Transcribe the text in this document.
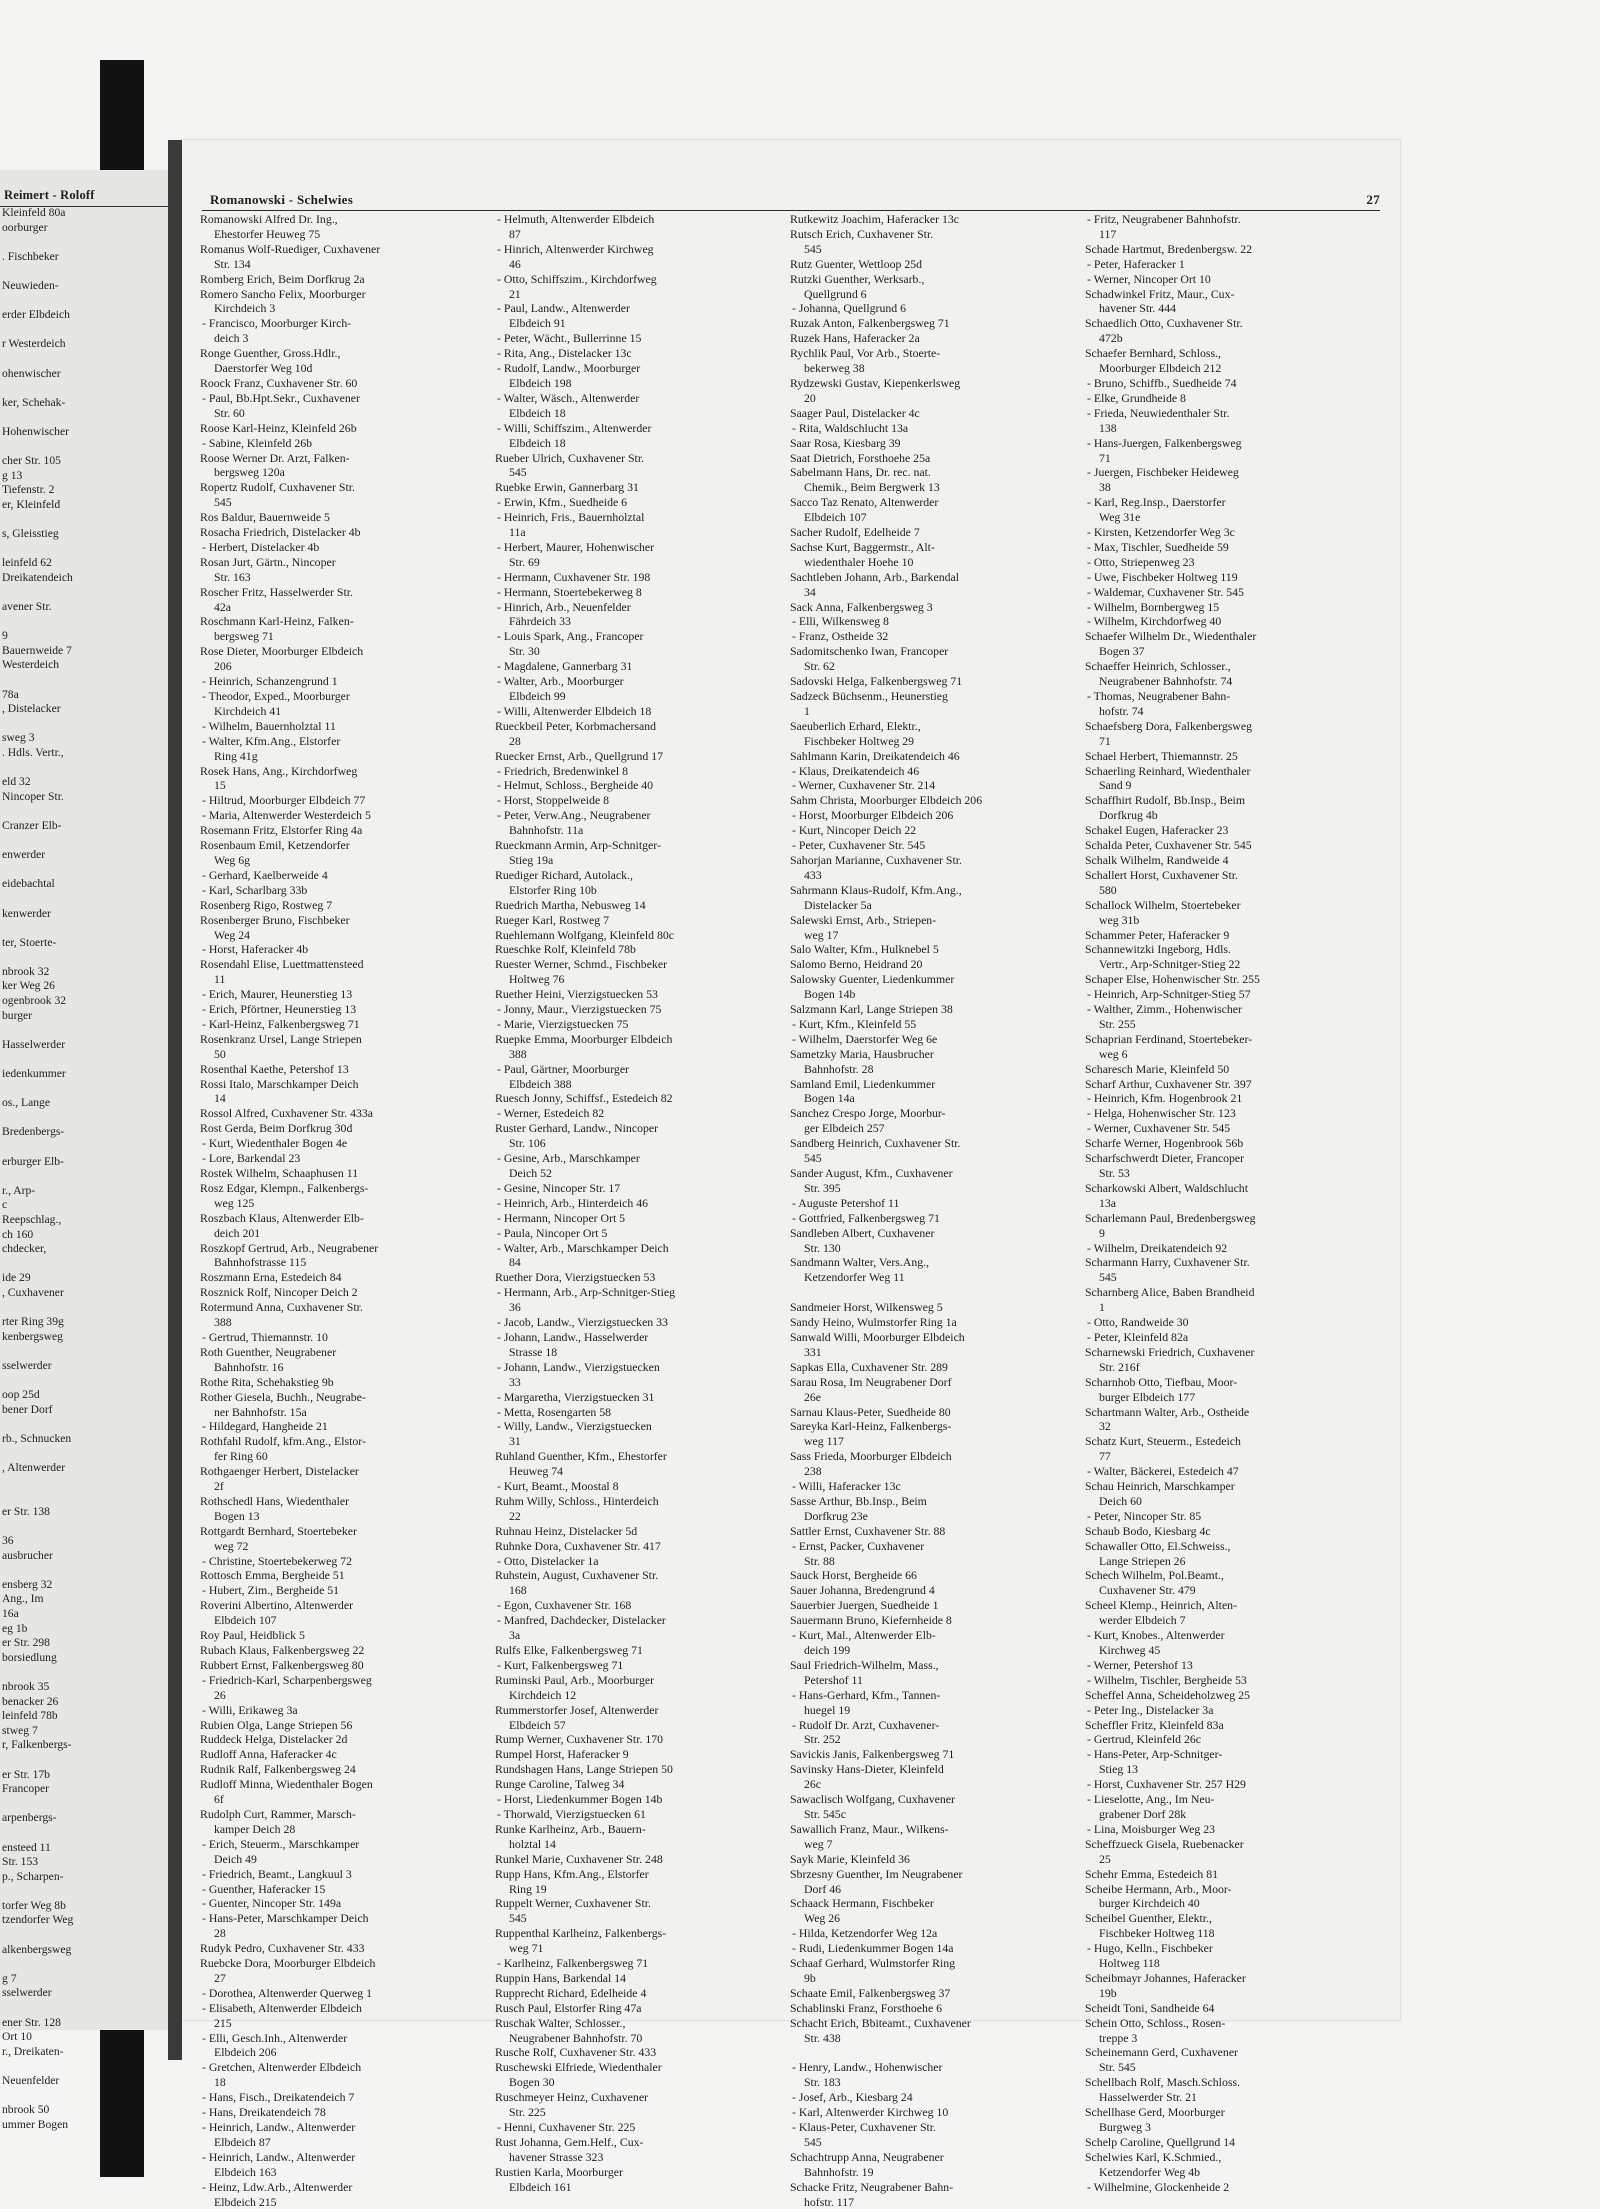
Reimert - Roloff
Kleinfeld 80a
oorburger

. Fischbeker

Neuwieden-

erder Elbdeich

r Westerdeich

ohenwischer

ker, Schehak-

Hohenwischer

cher Str. 105
g 13
Tiefenstr. 2
er, Kleinfeld

s, Gleisstieg

leinfeld 62
Dreikatendeich

avener Str.

9
Bauernweide 7
Westerdeich

78a
, Distelacker

sweg 3
. Hdls. Vertr.,

eld 32
Nincoper Str.

Cranzer Elb-

enwerder

eidebachtal

kenwerder

ter, Stoerte-

nbrook 32
ker Weg 26
ogenbrook 32
burger

Hasselwerder

iedenkummer

os., Lange

Bredenbergs-

erburger Elb-

r., Arp-
c
Reepschlag.,
ch 160
chdecker,

ide 29
, Cuxhavener

rter Ring 39g
kenbergsweg

sselwerder

oop 25d
bener Dorf

rb., Schnucken

, Altenwerder

er Str. 138

36
ausbrucher

ensberg 32
Ang., Im
16a
eg 1b
er Str. 298
borsiedlung

nbrook 35
benacker 26
leinfeld 78b
stweg 7
r, Falkenbergs-

er Str. 17b
Francoper

arpenbergs-

ensteed 11
Str. 153
p., Scharpen-

torfer Weg 8b
tzendorfer Weg

alkenbergsweg

g 7
sselwerder

ener Str. 128
Ort 10
r., Dreikaten-

Neuenfelder

nbrook 50
ummer Bogen
Romanowski - Schelwies	27
Romanowski Alfred Dr. Ing.,
Ehestorfer Heuweg 75
Romanus Wolf-Ruediger, Cuxhavener
Str. 134
Romberg Erich, Beim Dorfkrug 2a
Romero Sancho Felix, Moorburger
Kirchdeich 3
- Francisco, Moorburger Kirch-
deich 3
Ronge Guenther, Gross.Hdlr.,
Daerstorfer Weg 10d
Roock Franz, Cuxhavener Str. 60
- Paul, Bb.Hpt.Sekr., Cuxhavener
Str. 60
Roose Karl-Heinz, Kleinfeld 26b
- Sabine, Kleinfeld 26b
Roose Werner Dr. Arzt, Falken-
bergsweg 120a
Ropertz Rudolf, Cuxhavener Str.
545
Ros Baldur, Bauernweide 5
Rosacha Friedrich, Distelacker 4b
- Herbert, Distelacker 4b
Rosan Jurt, Gärtn., Nincoper
Str. 163
Roscher Fritz, Hasselwerder Str.
42a
Roschmann Karl-Heinz, Falken-
bergsweg 71
Rose Dieter, Moorburger Elbdeich
206
- Heinrich, Schanzengrund 1
- Theodor, Exped., Moorburger
Kirchdeich 41
- Wilhelm, Bauernholztal 11
- Walter, Kfm.Ang., Elstorfer
Ring 41g
Rosek Hans, Ang., Kirchdorfweg
15
- Hiltrud, Moorburger Elbdeich 77
- Maria, Altenwerder Westerdeich 5
Rosemann Fritz, Elstorfer Ring 4a
Rosenbaum Emil, Ketzendorfer
Weg 6g
- Gerhard, Kaelberweide 4
- Karl, Scharlbarg 33b
Rosenberg Rigo, Rostweg 7
Rosenberger Bruno, Fischbeker
Weg 24
- Horst, Haferacker 4b
Rosendahl Elise, Luettmattensteed
11
- Erich, Maurer, Heunerstieg 13
- Erich, Pförtner, Heunerstieg 13
- Karl-Heinz, Falkenbergsweg 71
Rosenkranz Ursel, Lange Striepen
50
Rosenthal Kaethe, Petershof 13
Rossi Italo, Marschkamper Deich
14
Rossol Alfred, Cuxhavener Str. 433a
Rost Gerda, Beim Dorfkrug 30d
- Kurt, Wiedenthaler Bogen 4e
- Lore, Barkendal 23
Rostek Wilhelm, Schaaphusen 11
Rosz Edgar, Klempn., Falkenbergs-
weg 125
Roszbach Klaus, Altenwerder Elb-
deich 201
Roszkopf Gertrud, Arb., Neugrabener
Bahnhofstrasse 115
Roszmann Erna, Estedeich 84
Rosznick Rolf, Nincoper Deich 2
Rotermund Anna, Cuxhavener Str.
388
- Gertrud, Thiemannstr. 10
Roth Guenther, Neugrabener
Bahnhofstr. 16
Rothe Rita, Schehakstieg 9b
Rother Giesela, Buchh., Neugrabe-
ner Bahnhofstr. 15a
- Hildegard, Hangheide 21
Rothfahl Rudolf, kfm.Ang., Elstor-
fer Ring 60
Rothgaenger Herbert, Distelacker
2f
Rothschedl Hans, Wiedenthaler
Bogen 13
Rottgardt Bernhard, Stoertebeker
weg 72
- Christine, Stoertebekerweg 72
Rottosch Emma, Bergheide 51
- Hubert, Zim., Bergheide 51
Roverini Albertino, Altenwerder
Elbdeich 107
Roy Paul, Heidblick 5
Rubach Klaus, Falkenbergsweg 22
Rubbert Ernst, Falkenbergsweg 80
- Friedrich-Karl, Scharpenbergsweg
26
- Willi, Erikaweg 3a
Rubien Olga, Lange Striepen 56
Ruddeck Helga, Distelacker 2d
Rudloff Anna, Haferacker 4c
Rudnik Ralf, Falkenbergsweg 24
Rudloff Minna, Wiedenthaler Bogen
6f
Rudolph Curt, Rammer, Marsch-
kamper Deich 28
- Erich, Steuerm., Marschkamper
Deich 49
- Friedrich, Beamt., Langkuul 3
- Guenther, Haferacker 15
- Guenter, Nincoper Str. 149a
- Hans-Peter, Marschkamper Deich
28
Rudyk Pedro, Cuxhavener Str. 433
Ruebcke Dora, Moorburger Elbdeich
27
- Dorothea, Altenwerder Querweg 1
- Elisabeth, Altenwerder Elbdeich
215
- Elli, Gesch.Inh., Altenwerder
Elbdeich 206
- Gretchen, Altenwerder Elbdeich
18
- Hans, Fisch., Dreikatendeich 7
- Hans, Dreikatendeich 78
- Heinrich, Landw., Altenwerder
Elbdeich 87
- Heinrich, Landw., Altenwerder
Elbdeich 163
- Heinz, Ldw.Arb., Altenwerder
Elbdeich 215
- Helmuth, Altenwerder Elbdeich
87
- Hinrich, Altenwerder Kirchweg
46
- Otto, Schiffszim., Kirchdorfweg
21
- Paul, Landw., Altenwerder
Elbdeich 91
- Peter, Wächt., Bullerrinne 15
- Rita, Ang., Distelacker 13c
- Rudolf, Landw., Moorburger
Elbdeich 198
- Walter, Wäsch., Altenwerder
Elbdeich 18
- Willi, Schiffszim., Altenwerder
Elbdeich 18
Rueber Ulrich, Cuxhavener Str.
545
Ruebke Erwin, Gannerbarg 31
- Erwin, Kfm., Suedheide 6
- Heinrich, Fris., Bauernholztal
11a
- Herbert, Maurer, Hohenwischer
Str. 69
- Hermann, Cuxhavener Str. 198
- Hermann, Stoertebekerweg 8
- Hinrich, Arb., Neuenfelder
Fährdeich 33
- Louis Spark, Ang., Francoper
Str. 30
- Magdalene, Gannerbarg 31
- Walter, Arb., Moorburger
Elbdeich 99
- Willi, Altenwerder Elbdeich 18
Rueckbeil Peter, Korbmachersand
28
Ruecker Ernst, Arb., Quellgrund 17
- Friedrich, Bredenwinkel 8
- Helmut, Schloss., Bergheide 40
- Horst, Stoppelweide 8
- Peter, Verw.Ang., Neugrabener
Bahnhofstr. 11a
Rueckmann Armin, Arp-Schnitger-
Stieg 19a
Ruediger Richard, Autolack.,
Elstorfer Ring 10b
Ruedrich Martha, Nebusweg 14
Rueger Karl, Rostweg 7
Ruehlemann Wolfgang, Kleinfeld 80c
Rueschke Rolf, Kleinfeld 78b
Ruester Werner, Schmd., Fischbeker
Holtweg 76
Ruether Heini, Vierzigstuecken 53
- Jonny, Maur., Vierzigstuecken 75
- Marie, Vierzigstuecken 75
Ruepke Emma, Moorburger Elbdeich
388
- Paul, Gärtner, Moorburger
Elbdeich 388
Ruesch Jonny, Schiffsf., Estedeich 82
- Werner, Estedeich 82
Ruster Gerhard, Landw., Nincoper
Str. 106
- Gesine, Arb., Marschkamper
Deich 52
- Gesine, Nincoper Str. 17
- Heinrich, Arb., Hinterdeich 46
- Hermann, Nincoper Ort 5
- Paula, Nincoper Ort 5
- Walter, Arb., Marschkamper Deich
84
Ruether Dora, Vierzigstuecken 53
- Hermann, Arb., Arp-Schnitger-Stieg
36
- Jacob, Landw., Vierzigstuecken 33
- Johann, Landw., Hasselwerder
Strasse 18
- Johann, Landw., Vierzigstuecken
33
- Margaretha, Vierzigstuecken 31
- Metta, Rosengarten 58
- Willy, Landw., Vierzigstuecken
31
Ruhland Guenther, Kfm., Ehestorfer
Heuweg 74
- Kurt, Beamt., Moostal 8
Ruhm Willy, Schloss., Hinterdeich
22
Ruhnau Heinz, Distelacker 5d
Ruhnke Dora, Cuxhavener Str. 417
- Otto, Distelacker 1a
Ruhstein, August, Cuxhavener Str.
168
- Egon, Cuxhavener Str. 168
- Manfred, Dachdecker, Distelacker
3a
Rulfs Elke, Falkenbergsweg 71
- Kurt, Falkenbergsweg 71
Ruminski Paul, Arb., Moorburger
Kirchdeich 12
Rummerstorfer Josef, Altenwerder
Elbdeich 57
Rump Werner, Cuxhavener Str. 170
Rumpel Horst, Haferacker 9
Rundshagen Hans, Lange Striepen 50
Runge Caroline, Talweg 34
- Horst, Liedenkummer Bogen 14b
- Thorwald, Vierzigstuecken 61
Runke Karlheinz, Arb., Bauern-
holztal 14
Runkel Marie, Cuxhavener Str. 248
Rupp Hans, Kfm.Ang., Elstorfer
Ring 19
Ruppelt Werner, Cuxhavener Str.
545
Ruppenthal Karlheinz, Falkenbergs-
weg 71
- Karlheinz, Falkenbergsweg 71
Ruppin Hans, Barkendal 14
Rupprecht Richard, Edelheide 4
Rusch Paul, Elstorfer Ring 47a
Ruschak Walter, Schlosser.,
Neugrabener Bahnhofstr. 70
Rusche Rolf, Cuxhavener Str. 433
Ruschewski Elfriede, Wiedenthaler
Bogen 30
Ruschmeyer Heinz, Cuxhavener
Str. 225
- Henni, Cuxhavener Str. 225
Rust Johanna, Gem.Helf., Cux-
havener Strasse 323
Rustien Karla, Moorburger
Elbdeich 161
Rutkewitz Joachim, Haferacker 13c
Rutsch Erich, Cuxhavener Str.
545
Rutz Guenter, Wettloop 25d
Rutzki Guenther, Werksarb.,
Quellgrund 6
- Johanna, Quellgrund 6
Ruzak Anton, Falkenbergsweg 71
Ruzek Hans, Haferacker 2a
Rychlik Paul, Vor Arb., Stoerte-
bekerweg 38
Rydzewski Gustav, Kiepenkerlsweg
20
Saager Paul, Distelacker 4c
- Rita, Waldschlucht 13a
Saar Rosa, Kiesbarg 39
Saat Dietrich, Forsthoehe 25a
Sabelmann Hans, Dr. rec. nat.
Chemik., Beim Bergwerk 13
Sacco Taz Renato, Altenwerder
Elbdeich 107
Sacher Rudolf, Edelheide 7
Sachse Kurt, Baggermstr., Alt-
wiedenthaler Hoehe 10
Sachtleben Johann, Arb., Barkendal
34
Sack Anna, Falkenbergsweg 3
- Elli, Wilkensweg 8
- Franz, Ostheide 32
Sadomitschenko Iwan, Francoper
Str. 62
Sadovski Helga, Falkenbergsweg 71
Sadzeck Büchsenm., Heunerstieg
1
Saeuberlich Erhard, Elektr.,
Fischbeker Holtweg 29
Sahlmann Karin, Dreikatendeich 46
- Klaus, Dreikatendeich 46
- Werner, Cuxhavener Str. 214
Sahm Christa, Moorburger Elbdeich 206
- Horst, Moorburger Elbdeich 206
- Kurt, Nincoper Deich 22
- Peter, Cuxhavener Str. 545
Sahorjan Marianne, Cuxhavener Str.
433
Sahrmann Klaus-Rudolf, Kfm.Ang.,
Distelacker 5a
Salewski Ernst, Arb., Striepen-
weg 17
Salo Walter, Kfm., Hulknebel 5
Salomo Berno, Heidrand 20
Salowsky Guenter, Liedenkummer
Bogen 14b
Salzmann Karl, Lange Striepen 38
- Kurt, Kfm., Kleinfeld 55
- Wilhelm, Daerstorfer Weg 6e
Sametzky Maria, Hausbrucher
Bahnhofstr. 28
Samland Emil, Liedenkummer
Bogen 14a
Sanchez Crespo Jorge, Moorbur-
ger Elbdeich 257
Sandberg Heinrich, Cuxhavener Str.
545
Sander August, Kfm., Cuxhavener
Str. 395
- Auguste Petershof 11
- Gottfried, Falkenbergsweg 71
Sandleben Albert, Cuxhavener
Str. 130
Sandmann Walter, Vers.Ang.,
Ketzendorfer Weg 11

Sandmeier Horst, Wilkensweg 5
Sandy Heino, Wulmstorfer Ring 1a
Sanwald Willi, Moorburger Elbdeich
331
Sapkas Ella, Cuxhavener Str. 289
Sarau Rosa, Im Neugrabener Dorf
26e
Sarnau Klaus-Peter, Suedheide 80
Sareyka Karl-Heinz, Falkenbergs-
weg 117
Sass Frieda, Moorburger Elbdeich
238
- Willi, Haferacker 13c
Sasse Arthur, Bb.Insp., Beim
Dorfkrug 23e
Sattler Ernst, Cuxhavener Str. 88
- Ernst, Packer, Cuxhavener
Str. 88
Sauck Horst, Bergheide 66
Sauer Johanna, Bredengrund 4
Sauerbier Juergen, Suedheide 1
Sauermann Bruno, Kiefernheide 8
- Kurt, Mal., Altenwerder Elb-
deich 199
Saul Friedrich-Wilhelm, Mass.,
Petershof 11
- Hans-Gerhard, Kfm., Tannen-
huegel 19
- Rudolf Dr. Arzt, Cuxhavener-
Str. 252
Savickis Janis, Falkenbergsweg 71
Savinsky Hans-Dieter, Kleinfeld
26c
Sawaclisch Wolfgang, Cuxhavener
Str. 545c
Sawallich Franz, Maur., Wilkens-
weg 7
Sayk Marie, Kleinfeld 36
Sbrzesny Guenther, Im Neugrabener
Dorf 46
Schaack Hermann, Fischbeker
Weg 26
- Hilda, Ketzendorfer Weg 12a
- Rudi, Liedenkummer Bogen 14a
Schaaf Gerhard, Wulmstorfer Ring
9b
Schaate Emil, Falkenbergsweg 37
Schablinski Franz, Forsthoehe 6
Schacht Erich, Bbiteamt., Cuxhavener
Str. 438

- Henry, Landw., Hohenwischer
Str. 183
- Josef, Arb., Kiesbarg 24
- Karl, Altenwerder Kirchweg 10
- Klaus-Peter, Cuxhavener Str.
545
Schachtrupp Anna, Neugrabener
Bahnhofstr. 19
Schacke Fritz, Neugrabener Bahn-
hofstr. 117
- Fritz, Neugrabener Bahnhofstr.
117
Schade Hartmut, Bredenbergsw. 22
- Peter, Haferacker 1
- Werner, Nincoper Ort 10
Schadwinkel Fritz, Maur., Cux-
havener Str. 444
Schaedlich Otto, Cuxhavener Str.
472b
Schaefer Bernhard, Schloss.,
Moorburger Elbdeich 212
- Bruno, Schiffb., Suedheide 74
- Elke, Grundheide 8
- Frieda, Neuwiedenthaler Str.
138
- Hans-Juergen, Falkenbergsweg
71
- Juergen, Fischbeker Heideweg
38
- Karl, Reg.Insp., Daerstorfer
Weg 31e
- Kirsten, Ketzendorfer Weg 3c
- Max, Tischler, Suedheide 59
- Otto, Striepenweg 23
- Uwe, Fischbeker Holtweg 119
- Waldemar, Cuxhavener Str. 545
- Wilhelm, Bornbergweg 15
- Wilhelm, Kirchdorfweg 40
Schaefer Wilhelm Dr., Wiedenthaler
Bogen 37
Schaeffer Heinrich, Schlosser.,
Neugrabener Bahnhofstr. 74
- Thomas, Neugrabener Bahn-
hofstr. 74
Schaefsberg Dora, Falkenbergsweg
71
Schael Herbert, Thiemannstr. 25
Schaerling Reinhard, Wiedenthaler
Sand 9
Schaffhirt Rudolf, Bb.Insp., Beim
Dorfkrug 4b
Schakel Eugen, Haferacker 23
Schalda Peter, Cuxhavener Str. 545
Schalk Wilhelm, Randweide 4
Schallert Horst, Cuxhavener Str.
580
Schallock Wilhelm, Stoertebeker
weg 31b
Schammer Peter, Haferacker 9
Schannewitzki Ingeborg, Hdls.
Vertr., Arp-Schnitger-Stieg 22
Schaper Else, Hohenwischer Str. 255
- Heinrich, Arp-Schnitger-Stieg 57
- Walther, Zimm., Hohenwischer
Str. 255
Schaprian Ferdinand, Stoertebeker-
weg 6
Scharesch Marie, Kleinfeld 50
Scharf Arthur, Cuxhavener Str. 397
- Heinrich, Kfm. Hogenbrook 21
- Helga, Hohenwischer Str. 123
- Werner, Cuxhavener Str. 545
Scharfe Werner, Hogenbrook 56b
Scharfschwerdt Dieter, Francoper
Str. 53
Scharkowski Albert, Waldschlucht
13a
Scharlemann Paul, Bredenbergsweg
9
- Wilhelm, Dreikatendeich 92
Scharmann Harry, Cuxhavener Str.
545
Scharnberg Alice, Baben Brandheid
1
- Otto, Randweide 30
- Peter, Kleinfeld 82a
Scharnewski Friedrich, Cuxhavener
Str. 216f
Scharnhob Otto, Tiefbau, Moor-
burger Elbdeich 177
Schartmann Walter, Arb., Ostheide
32
Schatz Kurt, Steuerm., Estedeich
77
- Walter, Bäckerei, Estedeich 47
Schau Heinrich, Marschkamper
Deich 60
- Peter, Nincoper Str. 85
Schaub Bodo, Kiesbarg 4c
Schawaller Otto, El.Schweiss.,
Lange Striepen 26
Schech Wilhelm, Pol.Beamt.,
Cuxhavener Str. 479
Scheel Klemp., Heinrich, Alten-
werder Elbdeich 7
- Kurt, Knobes., Altenwerder
Kirchweg 45
- Werner, Petershof 13
- Wilhelm, Tischler, Bergheide 53
Scheffel Anna, Scheideholzweg 25
- Peter Ing., Distelacker 3a
Scheffler Fritz, Kleinfeld 83a
- Gertrud, Kleinfeld 26c
- Hans-Peter, Arp-Schnitger-
Stieg 13
- Horst, Cuxhavener Str. 257 H29
- Lieselotte, Ang., Im Neu-
grabener Dorf 28k
- Lina, Moisburger Weg 23
Scheffzueck Gisela, Ruebenacker
25
Schehr Emma, Estedeich 81
Scheibe Hermann, Arb., Moor-
burger Kirchdeich 40
Scheibel Guenther, Elektr.,
Fischbeker Holtweg 118
- Hugo, Kelln., Fischbeker
Holtweg 118
Scheibmayr Johannes, Haferacker
19b
Scheidt Toni, Sandheide 64
Schein Otto, Schloss., Rosen-
treppe 3
Scheinemann Gerd, Cuxhavener
Str. 545
Schellbach Rolf, Masch.Schloss.
Hasselwerder Str. 21
Schellhase Gerd, Moorburger
Burgweg 3
Schelp Caroline, Quellgrund 14
Schelwies Karl, K.Schmied.,
Ketzendorfer Weg 4b
- Wilhelmine, Glockenheide 2
